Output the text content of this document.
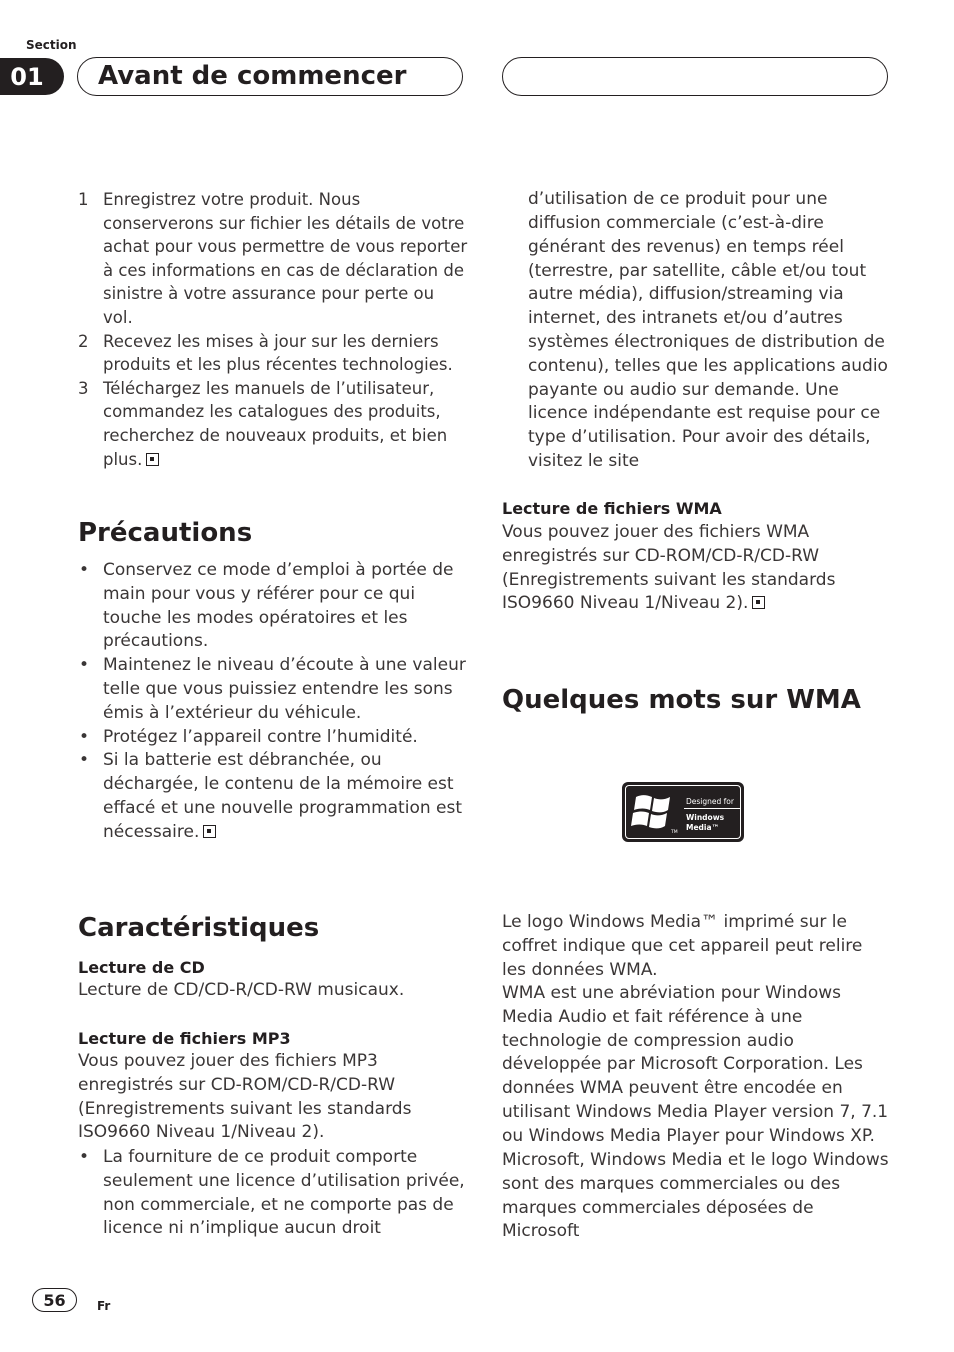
Section
01	Avant de commencer
1 Enregistrez votre produit. Nous conserverons sur fichier les détails de votre achat pour vous permettre de vous reporter à ces informations en cas de déclaration de sinistre à votre assurance pour perte ou vol.
2 Recevez les mises à jour sur les derniers produits et les plus récentes technologies.
3 Téléchargez les manuels de l’utilisateur, commandez les catalogues des produits, recherchez de nouveaux produits, et bien plus.
Précautions
• Conservez ce mode d’emploi à portée de main pour vous y référer pour ce qui touche les modes opératoires et les précautions.
• Maintenez le niveau d’écoute à une valeur telle que vous puissiez entendre les sons émis à l’extérieur du véhicule.
• Protégez l’appareil contre l’humidité.
• Si la batterie est débranchée, ou déchargée, le contenu de la mémoire est effacé et une nouvelle programmation est nécessaire.
Caractéristiques
Lecture de CD

Lecture de CD/CD-R/CD-RW musicaux.

Lecture de fichiers MP3

Vous pouvez jouer des fichiers MP3 enregistrés sur CD-ROM/CD-R/CD-RW (Enregistrements suivant les standards ISO9660 Niveau 1/Niveau 2).

• La fourniture de ce produit comporte seulement une licence d’utilisation privée, non commerciale, et ne comporte pas de licence ni n’implique aucun droit
d’utilisation de ce produit pour une diffusion commerciale (c’est-à-dire générant des revenus) en temps réel (terrestre, par satellite, câble et/ou tout autre média), diffusion/streaming via internet, des intranets et/ou d’autres systèmes électroniques de distribution de contenu), telles que les applications audio payante ou audio sur demande. Une licence indépendante est requise pour ce type d’utilisation. Pour avoir des détails, visitez le site
Lecture de fichiers WMA

Vous pouvez jouer des fichiers WMA enregistrés sur CD-ROM/CD-R/CD-RW (Enregistrements suivant les standards ISO9660 Niveau 1/Niveau 2).

Quelques mots sur WMA
TM
Designed for
Windows Media™

Le logo Windows Media™ imprimé sur le coffret indique que cet appareil peut relire les données WMA.

WMA est une abréviation pour Windows Media Audio et fait référence à une technologie de compression audio développée par Microsoft Corporation. Les données WMA peuvent être encodée en utilisant Windows Media Player version 7, 7.1 ou Windows Media Player pour Windows XP.

Microsoft, Windows Media et le logo Windows sont des marques commerciales ou des marques commerciales déposées de Microsoft

56	Fr
